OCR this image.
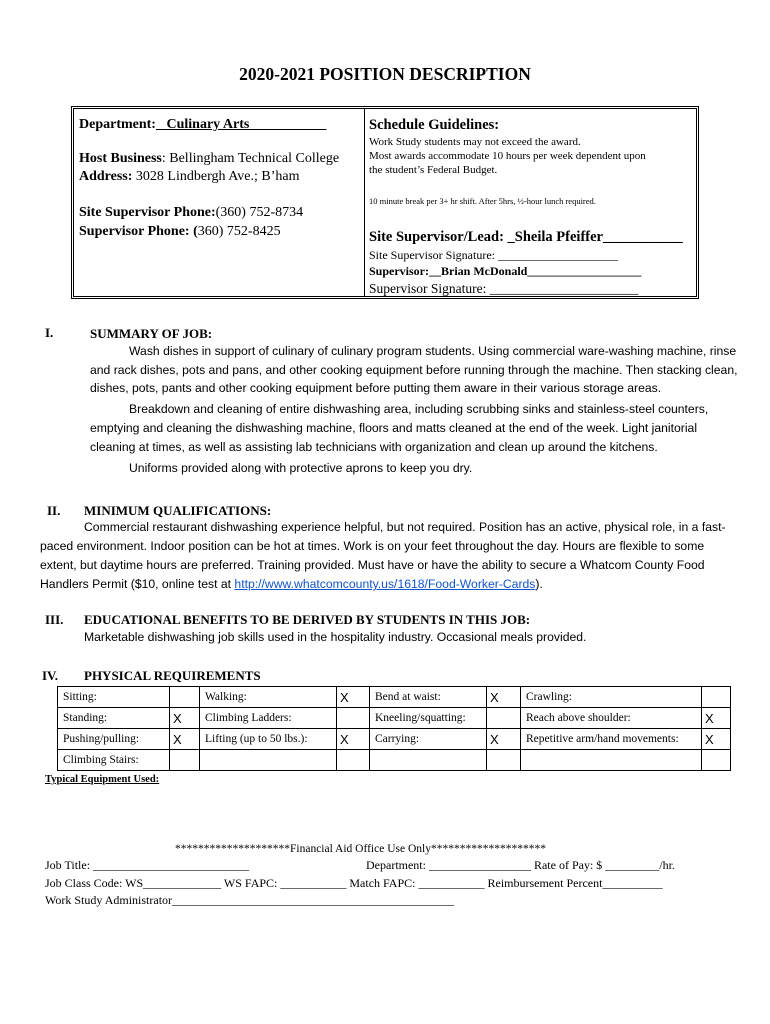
2020-2021 POSITION DESCRIPTION
Department: _Culinary Arts___________
Host Business: Bellingham Technical College
Address: 3028 Lindbergh Ave.; B’ham
Site Supervisor Phone:(360) 752-8734
Supervisor Phone: (360) 752-8425
Schedule Guidelines:
Work Study students may not exceed the award.
Most awards accommodate 10 hours per week dependent upon
the student’s Federal Budget.
10 minute break per 3+ hr shift. After 5hrs, ½-hour lunch required.
Site Supervisor/Lead: _Sheila Pfeiffer___________
Site Supervisor Signature: ____________________
Supervisor:__Brian McDonald___________________
Supervisor Signature: ______________________
I.	SUMMARY OF JOB:
Wash dishes in support of culinary of culinary program students. Using commercial ware-washing machine, rinse
and rack dishes, pots and pans, and other cooking equipment before running through the machine. Then stacking clean,
dishes, pots, pants and other cooking equipment before putting them aware in their various storage areas.
Breakdown and cleaning of entire dishwashing area, including scrubbing sinks and stainless-steel counters,
emptying and cleaning the dishwashing machine, floors and matts cleaned at the end of the week. Light janitorial
cleaning at times, as well as assisting lab technicians with organization and clean up around the kitchens.
Uniforms provided along with protective aprons to keep you dry.
II. MINIMUM QUALIFICATIONS:
Commercial restaurant dishwashing experience helpful, but not required. Position has an active, physical role, in a fast-
paced environment. Indoor position can be hot at times. Work is on your feet throughout the day. Hours are flexible to some
extent, but daytime hours are preferred. Training provided. Must have or have the ability to secure a Whatcom County Food
Handlers Permit ($10, online test at http://www.whatcomcounty.us/1618/Food-Worker-Cards).
III. EDUCATIONAL BENEFITS TO BE DERIVED BY STUDENTS IN THIS JOB:
Marketable dishwashing job skills used in the hospitality industry. Occasional meals provided.
IV. PHYSICAL REQUIREMENTS
Sitting:		Walking:	X	Bend at waist:	X	Crawling:	
Standing:	X	Climbing Ladders:		Kneeling/squatting:		Reach above shoulder:	X
Pushing/pulling:	X	Lifting (up to 50 lbs.):	X	Carrying:	X	Repetitive arm/hand movements:	X
Climbing Stairs:							
Typical Equipment Used:
********************Financial Aid Office Use Only********************
Job Title: __________________________	Department: _________________ Rate of Pay: $ _________/hr.
Job Class Code: WS_____________ WS FAPC: ___________ Match FAPC: ___________ Reimbursement Percent__________
Work Study Administrator_______________________________________________
